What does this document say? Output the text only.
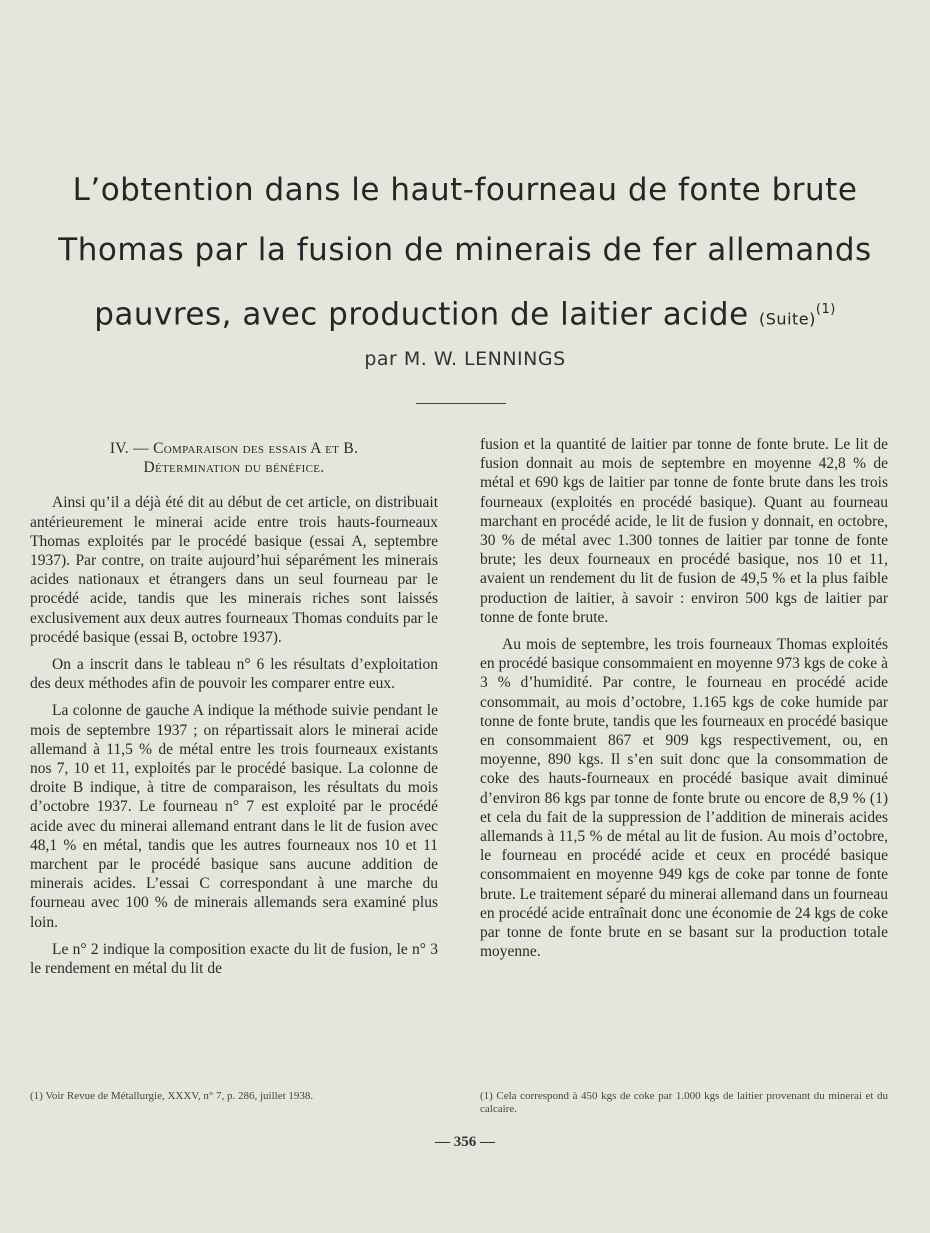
L’obtention dans le haut-fourneau de fonte brute
Thomas par la fusion de minerais de fer allemands
pauvres, avec production de laitier acide (Suite)$^{(1)}$
par M. W. LENNINGS
IV. — Comparaison des essais A et B.
Détermination du bénéfice.

Ainsi qu’il a déjà été dit au début de cet article, on distribuait antérieurement le minerai acide entre trois hauts-fourneaux Thomas exploités par le procédé basique (essai A, septembre 1937). Par contre, on traite aujourd’hui séparément les minerais acides nationaux et étrangers dans un seul fourneau par le procédé acide, tandis que les minerais riches sont laissés exclusivement aux deux autres fourneaux Thomas conduits par le procédé basique (essai B, octobre 1937).

On a inscrit dans le tableau n° 6 les résultats d’exploitation des deux méthodes afin de pouvoir les comparer entre eux.

La colonne de gauche A indique la méthode suivie pendant le mois de septembre 1937 ; on répartissait alors le minerai acide allemand à 11,5 % de métal entre les trois fourneaux existants nos 7, 10 et 11, exploités par le procédé basique. La colonne de droite B indique, à titre de comparaison, les résultats du mois d’octobre 1937. Le fourneau n° 7 est exploité par le procédé acide avec du minerai allemand entrant dans le lit de fusion avec 48,1 % en métal, tandis que les autres fourneaux nos 10 et 11 marchent par le procédé basique sans aucune addition de minerais acides. L’essai C correspondant à une marche du fourneau avec 100 % de minerais allemands sera examiné plus loin.

Le n° 2 indique la composition exacte du lit de fusion, le n° 3 le rendement en métal du lit de

fusion et la quantité de laitier par tonne de fonte brute. Le lit de fusion donnait au mois de septembre en moyenne 42,8 % de métal et 690 kgs de laitier par tonne de fonte brute dans les trois fourneaux (exploités en procédé basique). Quant au fourneau marchant en procédé acide, le lit de fusion y donnait, en octobre, 30 % de métal avec 1.300 tonnes de laitier par tonne de fonte brute; les deux fourneaux en procédé basique, nos 10 et 11, avaient un rendement du lit de fusion de 49,5 % et la plus faible production de laitier, à savoir : environ 500 kgs de laitier par tonne de fonte brute.

Au mois de septembre, les trois fourneaux Thomas exploités en procédé basique consommaient en moyenne 973 kgs de coke à 3 % d’humidité. Par contre, le fourneau en procédé acide consommait, au mois d’octobre, 1.165 kgs de coke humide par tonne de fonte brute, tandis que les fourneaux en procédé basique en consommaient 867 et 909 kgs respectivement, ou, en moyenne, 890 kgs. Il s’en suit donc que la consommation de coke des hauts-fourneaux en procédé basique avait diminué d’environ 86 kgs par tonne de fonte brute ou encore de 8,9 % (1) et cela du fait de la suppression de l’addition de minerais acides allemands à 11,5 % de métal au lit de fusion. Au mois d’octobre, le fourneau en procédé acide et ceux en procédé basique consommaient en moyenne 949 kgs de coke par tonne de fonte brute. Le traitement séparé du minerai allemand dans un fourneau en procédé acide entraînait donc une économie de 24 kgs de coke par tonne de fonte brute en se basant sur la production totale moyenne.

(1) Voir Revue de Métallurgie, XXXV, n° 7, p. 286, juillet 1938.	(1) Cela correspond à 450 kgs de coke par 1.000 kgs de laitier provenant du minerai et du calcaire.
— 356 —
